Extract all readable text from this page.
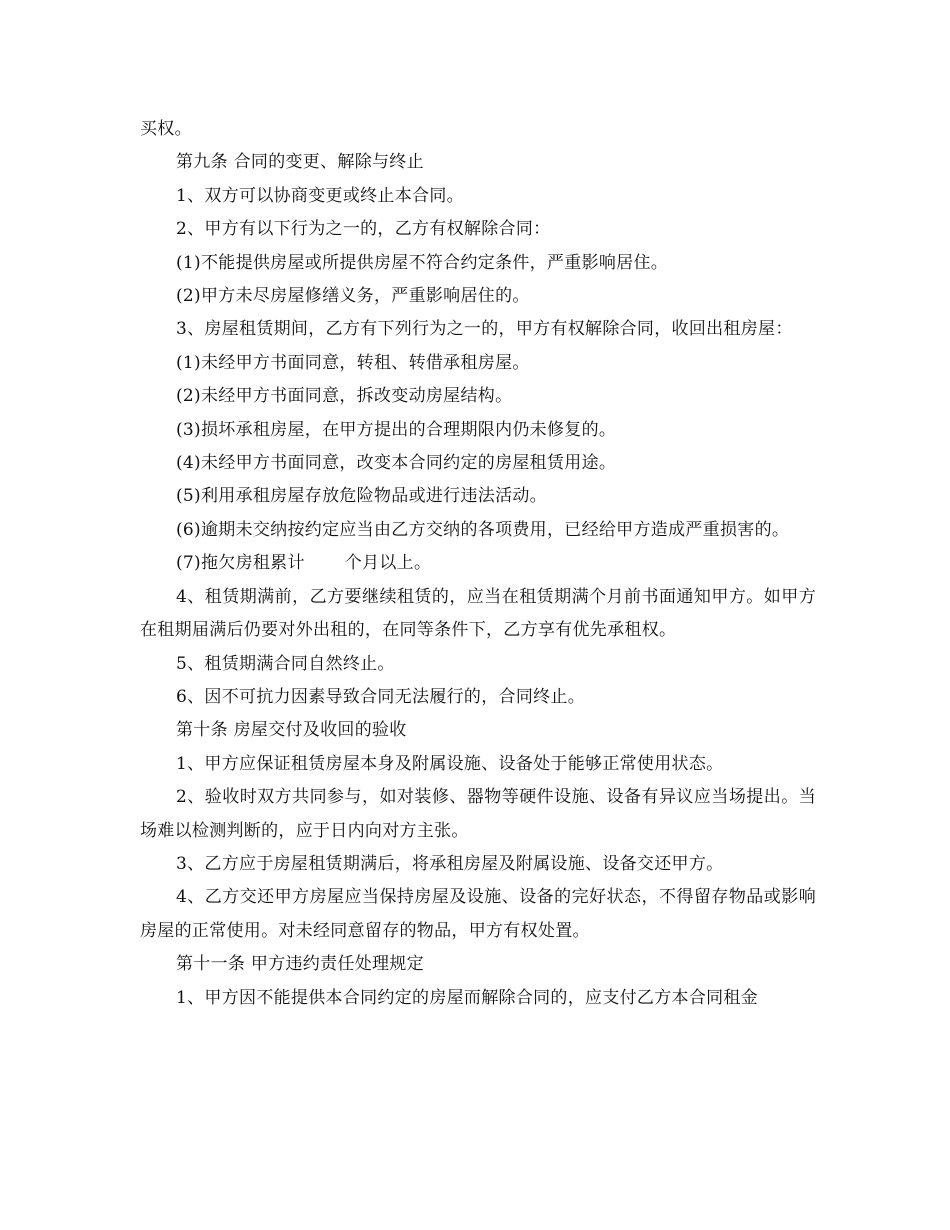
买权。

第九条 合同的变更、解除与终止

1、双方可以协商变更或终止本合同。

2、甲方有以下行为之一的，乙方有权解除合同：

(1)不能提供房屋或所提供房屋不符合约定条件，严重影响居住。

(2)甲方未尽房屋修缮义务，严重影响居住的。

3、房屋租赁期间，乙方有下列行为之一的，甲方有权解除合同，收回出租房屋：

(1)未经甲方书面同意，转租、转借承租房屋。

(2)未经甲方书面同意，拆改变动房屋结构。

(3)损坏承租房屋，在甲方提出的合理期限内仍未修复的。

(4)未经甲方书面同意，改变本合同约定的房屋租赁用途。

(5)利用承租房屋存放危险物品或进行违法活动。

(6)逾期未交纳按约定应当由乙方交纳的各项费用，已经给甲方造成严重损害的。

(7)拖欠房租累计 个月以上。

4、租赁期满前，乙方要继续租赁的，应当在租赁期满个月前书面通知甲方。如甲方在租期届满后仍要对外出租的，在同等条件下，乙方享有优先承租权。

5、租赁期满合同自然终止。

6、因不可抗力因素导致合同无法履行的，合同终止。

第十条 房屋交付及收回的验收

1、甲方应保证租赁房屋本身及附属设施、设备处于能够正常使用状态。

2、验收时双方共同参与，如对装修、器物等硬件设施、设备有异议应当场提出。当场难以检测判断的，应于日内向对方主张。

3、乙方应于房屋租赁期满后，将承租房屋及附属设施、设备交还甲方。

4、乙方交还甲方房屋应当保持房屋及设施、设备的完好状态，不得留存物品或影响房屋的正常使用。对未经同意留存的物品，甲方有权处置。

第十一条 甲方违约责任处理规定

1、甲方因不能提供本合同约定的房屋而解除合同的，应支付乙方本合同租金
